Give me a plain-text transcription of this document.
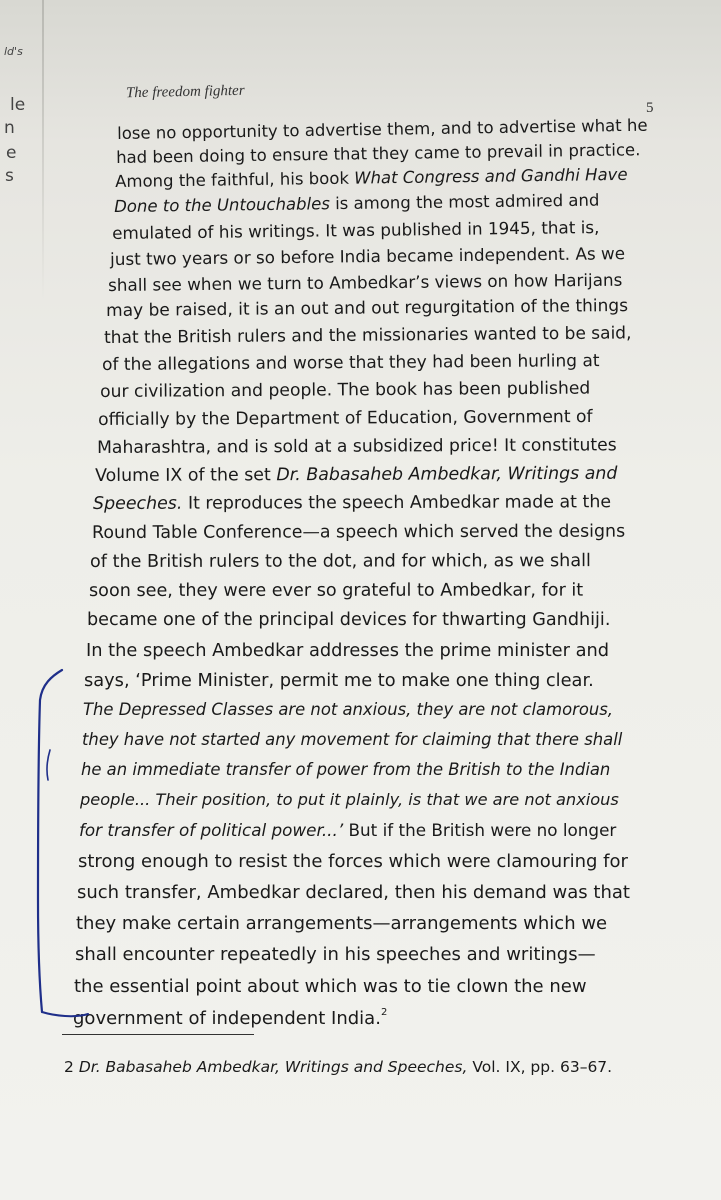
ld's
le
n
e
s
The freedom fighter
5
lose no opportunity to advertise them, and to advertise what he
had been doing to ensure that they came to prevail in practice.
Among the faithful, his book What Congress and Gandhi Have
Done to the Untouchables is among the most admired and
emulated of his writings. It was published in 1945, that is,
just two years or so before India became independent. As we
shall see when we turn to Ambedkar’s views on how Harijans
may be raised, it is an out and out regurgitation of the things
that the British rulers and the missionaries wanted to be said,
of the allegations and worse that they had been hurling at
our civilization and people. The book has been published
officially by the Department of Education, Government of
Maharashtra, and is sold at a subsidized price! It constitutes
Volume IX of the set Dr. Babasaheb Ambedkar, Writings and
Speeches. It reproduces the speech Ambedkar made at the
Round Table Conference—a speech which served the designs
of the British rulers to the dot, and for which, as we shall
soon see, they were ever so grateful to Ambedkar, for it
became one of the principal devices for thwarting Gandhiji.
In the speech Ambedkar addresses the prime minister and
says, ‘Prime Minister, permit me to make one thing clear.
The Depressed Classes are not anxious, they are not clamorous,
they have not started any movement for claiming that there shall
he an immediate transfer of power from the British to the Indian
people... Their position, to put it plainly, is that we are not anxious
for transfer of political power...’ But if the British were no longer
strong enough to resist the forces which were clamouring for
such transfer, Ambedkar declared, then his demand was that
they make certain arrangements—arrangements which we
shall encounter repeatedly in his speeches and writings—
the essential point about which was to tie clown the new
government of independent India.$^2$
2 Dr. Babasaheb Ambedkar, Writings and Speeches, Vol. IX, pp. 63–67.
